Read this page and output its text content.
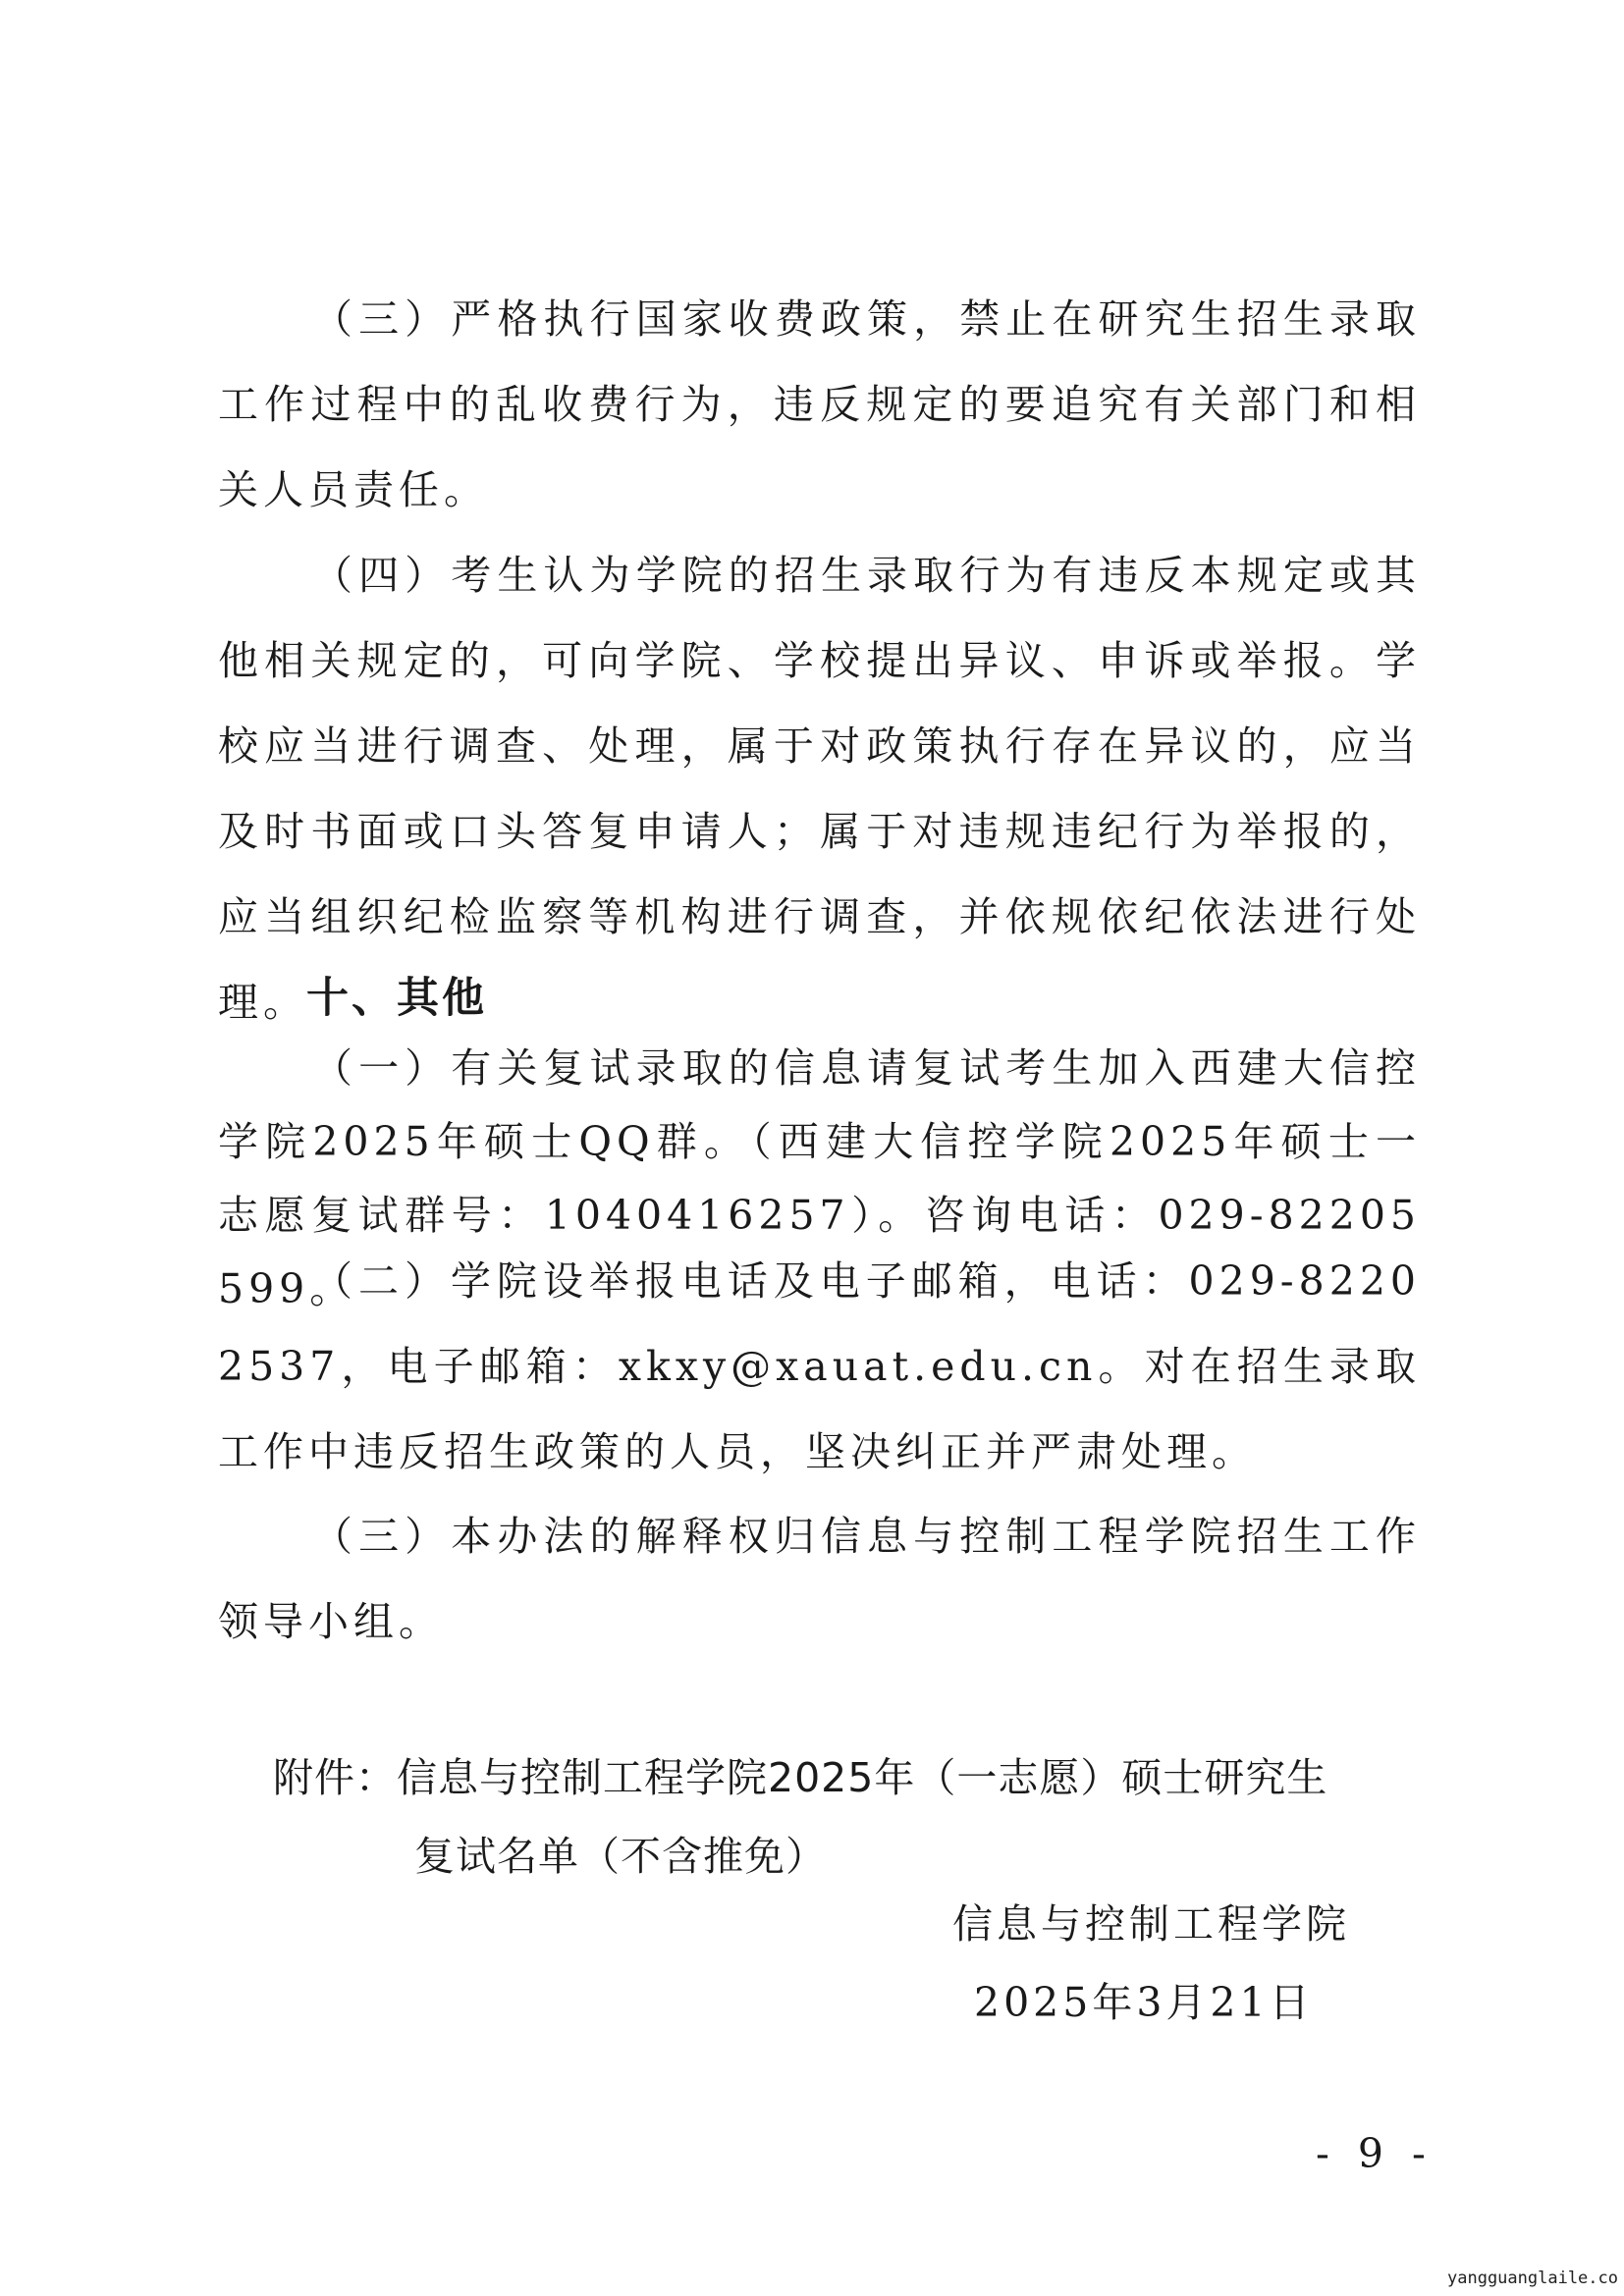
（三）严格执行国家收费政策，禁止在研究生招生录取工作过程中的乱收费行为，违反规定的要追究有关部门和相关人员责任。

（四）考生认为学院的招生录取行为有违反本规定或其他相关规定的，可向学院、学校提出异议、申诉或举报。学校应当进行调查、处理，属于对政策执行存在异议的，应当及时书面或口头答复申请人；属于对违规违纪行为举报的，应当组织纪检监察等机构进行调查，并依规依纪依法进行处理。

十、其他

（一）有关复试录取的信息请复试考生加入西建大信控学院2025年硕士QQ群。（西建大信控学院2025年硕士一志愿复试群号：1040416257）。咨询电话：029-82205599。

（二）学院设举报电话及电子邮箱，电话：029-82202537，电子邮箱：xkxy@xauat.edu.cn。对在招生录取工作中违反招生政策的人员，坚决纠正并严肃处理。

（三）本办法的解释权归信息与控制工程学院招生工作领导小组。

附件：信息与控制工程学院2025年（一志愿）硕士研究生
复试名单（不含推免）
信息与控制工程学院
2025年3月21日
- 9 -
yangguanglaile.co
